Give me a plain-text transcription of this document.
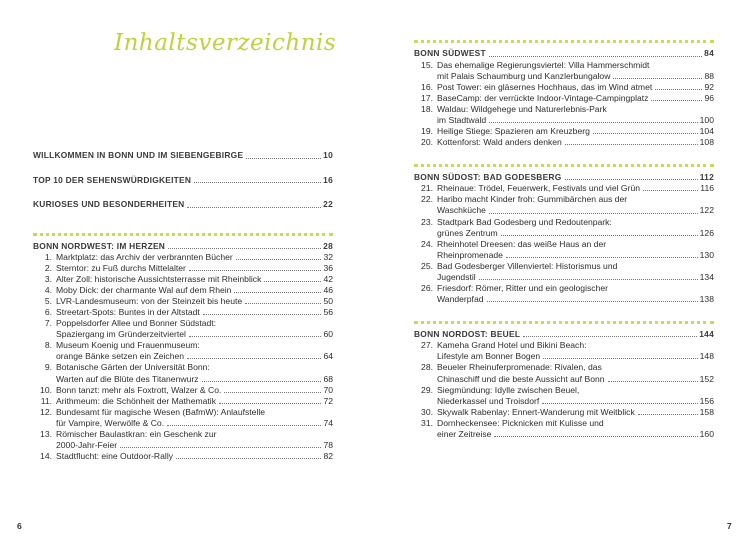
Inhaltsverzeichnis
WILLKOMMEN IN BONN UND IM SIEBENGEBIRGE	10
TOP 10 DER SEHENSWÜRDIGKEITEN	16
KURIOSES UND BESONDERHEITEN	22
BONN NORDWEST: IM HERZEN	28
1. Marktplatz: das Archiv der verbrannten Bücher	32
2. Sterntor: zu Fuß durchs Mittelalter	36
3. Alter Zoll: historische Aussichtsterrasse mit Rheinblick	42
4. Moby Dick: der charmante Wal auf dem Rhein	46
5. LVR-Landesmuseum: von der Steinzeit bis heute	50
6. Streetart-Spots: Buntes in der Altstadt	56
7. Poppelsdorfer Allee und Bonner Südstadt:
Spaziergang im Gründerzeitviertel	60
8. Museum Koenig und Frauenmuseum:
orange Bänke setzen ein Zeichen	64
9. Botanische Gärten der Universität Bonn:
Warten auf die Blüte des Titanenwurz	68
10. Bonn tanzt: mehr als Foxtrott, Walzer & Co.	70
11. Arithmeum: die Schönheit der Mathematik	72
12. Bundesamt für magische Wesen (BafmW): Anlaufstelle
für Vampire, Werwölfe & Co.	74
13. Römischer Baulastkran: ein Geschenk zur
2000-Jahr-Feier	78
14. Stadtflucht: eine Outdoor-Rally	82
BONN SÜDWEST	84
15. Das ehemalige Regierungsviertel: Villa Hammerschmidt
mit Palais Schaumburg und Kanzlerbungalow	88
16. Post Tower: ein gläsernes Hochhaus, das im Wind atmet	92
17. BaseCamp: der verrückte Indoor-Vintage-Campingplatz	96
18. Waldau: Wildgehege und Naturerlebnis-Park
im Stadtwald	100
19. Heilige Stiege: Spazieren am Kreuzberg	104
20. Kottenforst: Wald anders denken	108
BONN SÜDOST: BAD GODESBERG	112
21. Rheinaue: Trödel, Feuerwerk, Festivals und viel Grün	116
22. Haribo macht Kinder froh: Gummibärchen aus der
Waschküche	122
23. Stadtpark Bad Godesberg und Redoutenpark:
grünes Zentrum	126
24. Rheinhotel Dreesen: das weiße Haus an der
Rheinpromenade	130
25. Bad Godesberger Villenviertel: Historismus und
Jugendstil	134
26. Friesdorf: Römer, Ritter und ein geologischer
Wanderpfad	138
BONN NORDOST: BEUEL	144
27. Kameha Grand Hotel und Bikini Beach:
Lifestyle am Bonner Bogen	148
28. Beueler Rheinuferpromenade: Rivalen, das
Chinaschiff und die beste Aussicht auf Bonn	152
29. Siegmündung: Idylle zwischen Beuel,
Niederkassel und Troisdorf	156
30. Skywalk Rabenlay: Ennert-Wanderung mit Weitblick	158
31. Dornheckensee: Picknicken mit Kulisse und
einer Zeitreise	160
6	7
